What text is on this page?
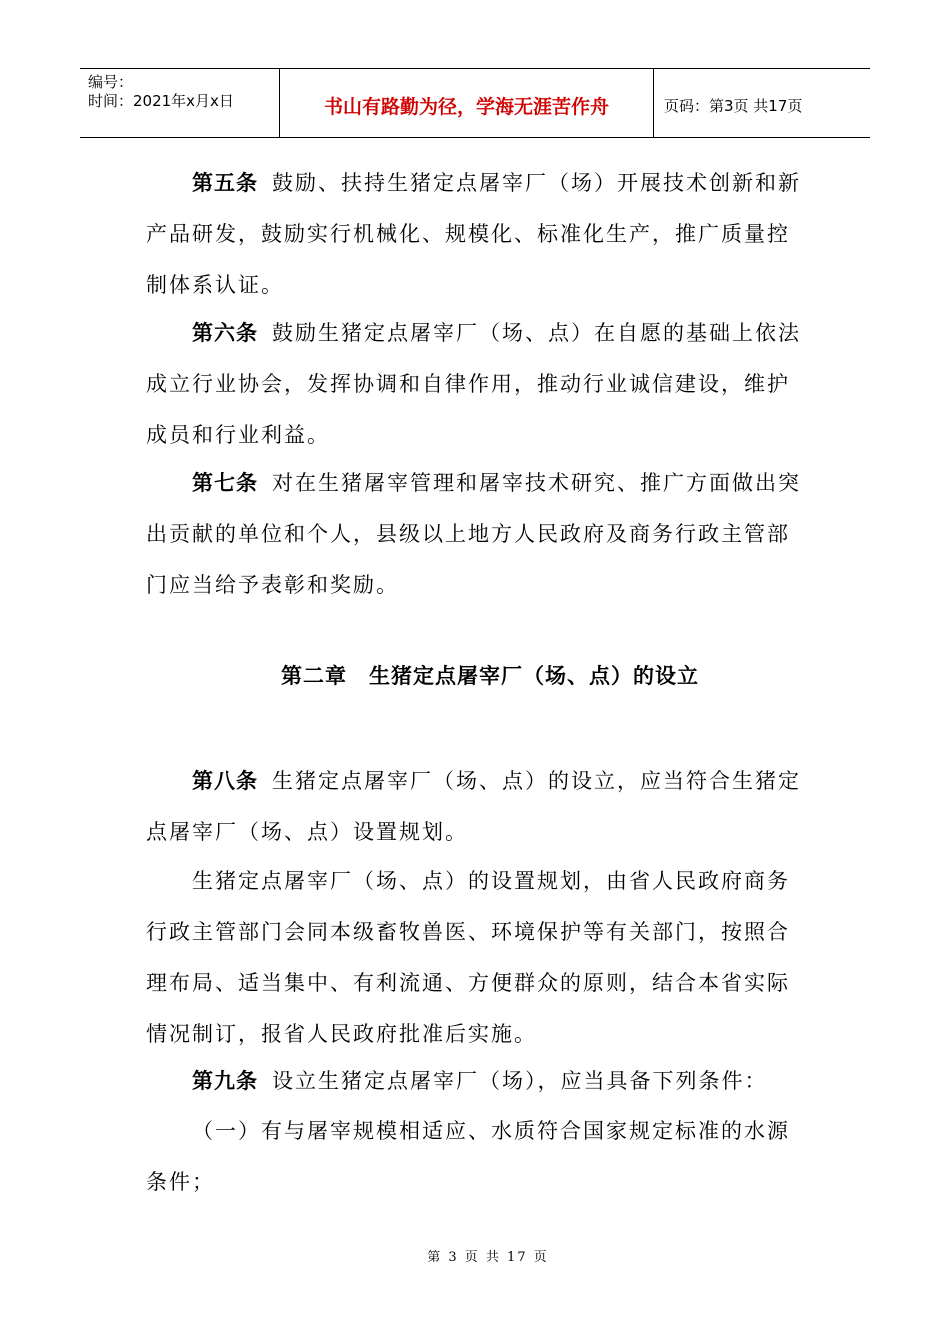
编号：
时间：2021年x月x日	书山有路勤为径，学海无涯苦作舟	页码：第3页 共17页

第五条 鼓励、扶持生猪定点屠宰厂（场）开展技术创新和新产品研发，鼓励实行机械化、规模化、标准化生产，推广质量控制体系认证。

第六条 鼓励生猪定点屠宰厂（场、点）在自愿的基础上依法成立行业协会，发挥协调和自律作用，推动行业诚信建设，维护成员和行业利益。

第七条 对在生猪屠宰管理和屠宰技术研究、推广方面做出突出贡献的单位和个人，县级以上地方人民政府及商务行政主管部门应当给予表彰和奖励。

第二章　生猪定点屠宰厂（场、点）的设立

第八条 生猪定点屠宰厂（场、点）的设立，应当符合生猪定点屠宰厂（场、点）设置规划。

生猪定点屠宰厂（场、点）的设置规划，由省人民政府商务行政主管部门会同本级畜牧兽医、环境保护等有关部门，按照合理布局、适当集中、有利流通、方便群众的原则，结合本省实际情况制订，报省人民政府批准后实施。

第九条 设立生猪定点屠宰厂（场），应当具备下列条件：

（一）有与屠宰规模相适应、水质符合国家规定标准的水源条件；

第 3 页 共 17 页
